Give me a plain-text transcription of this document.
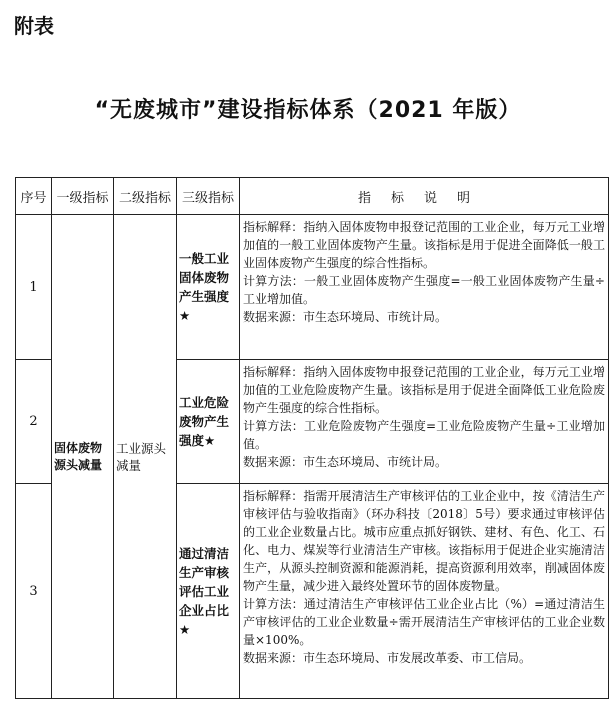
附表
“无废城市”建设指标体系（2021 年版）
序号	一级指标	二级指标	三级指标	指标说明
1	固体废物源头减量	工业源头减量	一般工业固体废物产生强度★	指标解释：指纳入固体废物申报登记范围的工业企业，每万元工业增加值的一般工业固体废物产生量。该指标是用于促进全面降低一般工业固体废物产生强度的综合性指标。

计算方法：一般工业固体废物产生强度=一般工业固体废物产生量÷工业增加值。

数据来源：市生态环境局、市统计局。

2			工业危险废物产生强度★	指标解释：指纳入固体废物申报登记范围的工业企业，每万元工业增加值的工业危险废物产生量。该指标是用于促进全面降低工业危险废物产生强度的综合性指标。

计算方法：工业危险废物产生强度=工业危险废物产生量÷工业增加值。

数据来源：市生态环境局、市统计局。

3			通过清洁生产审核评估工业企业占比★	指标解释：指需开展清洁生产审核评估的工业企业中，按《清洁生产审核评估与验收指南》（环办科技〔2018〕5号）要求通过审核评估的工业企业数量占比。城市应重点抓好钢铁、建材、有色、化工、石化、电力、煤炭等行业清洁生产审核。该指标用于促进企业实施清洁生产，从源头控制资源和能源消耗，提高资源利用效率，削减固体废物产生量，减少进入最终处置环节的固体废物量。

计算方法：通过清洁生产审核评估工业企业占比（%）=通过清洁生产审核评估的工业企业数量÷需开展清洁生产审核评估的工业企业数量×100%。

数据来源：市生态环境局、市发展改革委、市工信局。
